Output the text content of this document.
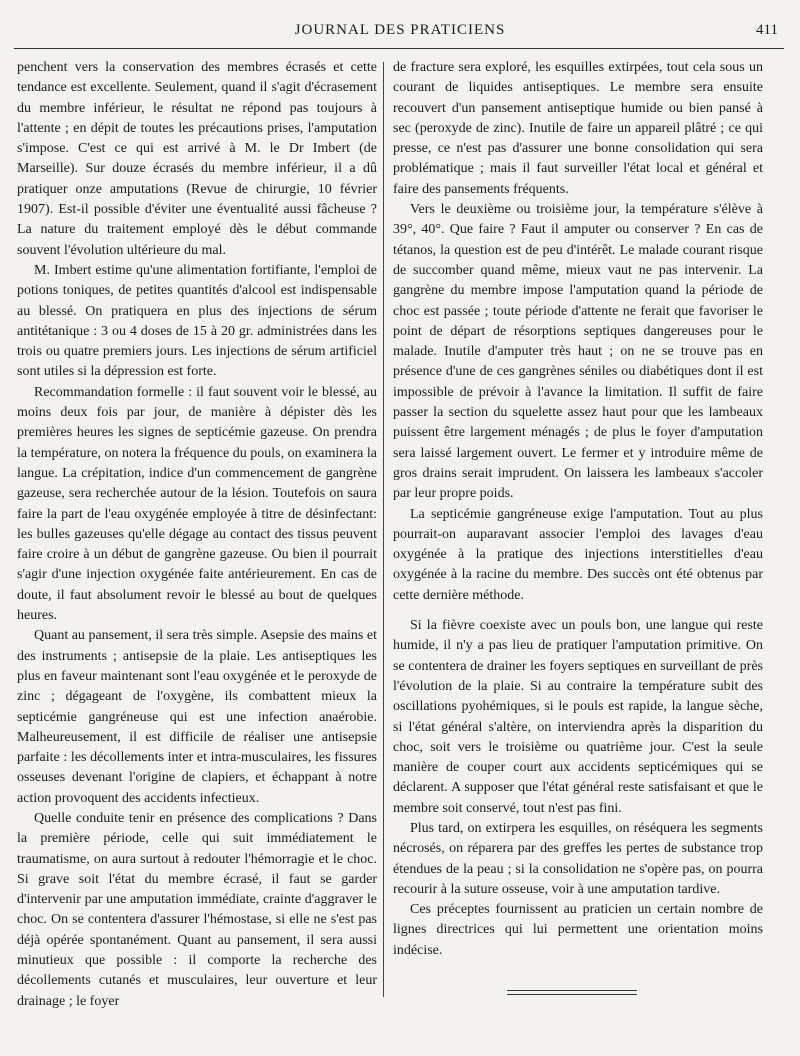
JOURNAL DES PRATICIENS	411

penchent vers la conservation des membres écrasés et cette tendance est excellente. Seulement, quand il s'agit d'écrasement du membre inférieur, le résultat ne répond pas toujours à l'attente ; en dépit de toutes les précautions prises, l'amputation s'impose. C'est ce qui est arrivé à M. le Dr Imbert (de Marseille). Sur douze écrasés du membre inférieur, il a dû pratiquer onze amputations (Revue de chirurgie, 10 février 1907). Est-il possible d'éviter une éventualité aussi fâcheuse ? La nature du traitement employé dès le début commande souvent l'évolution ultérieure du mal.

M. Imbert estime qu'une alimentation fortifiante, l'emploi de potions toniques, de petites quantités d'alcool est indispensable au blessé. On pratiquera en plus des injections de sérum antitétanique : 3 ou 4 doses de 15 à 20 gr. administrées dans les trois ou quatre premiers jours. Les injections de sérum artificiel sont utiles si la dépression est forte.

Recommandation formelle : il faut souvent voir le blessé, au moins deux fois par jour, de manière à dépister dès les premières heures les signes de septicémie gazeuse. On prendra la température, on notera la fréquence du pouls, on examinera la langue. La crépitation, indice d'un commencement de gangrène gazeuse, sera recherchée autour de la lésion. Toutefois on saura faire la part de l'eau oxygénée employée à titre de désinfectant: les bulles gazeuses qu'elle dégage au contact des tissus peuvent faire croire à un début de gangrène gazeuse. Ou bien il pourrait s'agir d'une injection oxygénée faite antérieurement. En cas de doute, il faut absolument revoir le blessé au bout de quelques heures.

Quant au pansement, il sera très simple. Asepsie des mains et des instruments ; antisepsie de la plaie. Les antiseptiques les plus en faveur maintenant sont l'eau oxygénée et le peroxyde de zinc ; dégageant de l'oxygène, ils combattent mieux la septicémie gangréneuse qui est une infection anaérobie. Malheureusement, il est difficile de réaliser une antisepsie parfaite : les décollements inter et intra-musculaires, les fissures osseuses devenant l'origine de clapiers, et échappant à notre action provoquent des accidents infectieux.

Quelle conduite tenir en présence des complications ? Dans la première période, celle qui suit immédiatement le traumatisme, on aura surtout à redouter l'hémorragie et le choc. Si grave soit l'état du membre écrasé, il faut se garder d'intervenir par une amputation immédiate, crainte d'aggraver le choc. On se contentera d'assurer l'hémostase, si elle ne s'est pas déjà opérée spontanément. Quant au pansement, il sera aussi minutieux que possible : il comporte la recherche des décollements cutanés et musculaires, leur ouverture et leur drainage ; le foyer

de fracture sera exploré, les esquilles extirpées, tout cela sous un courant de liquides antiseptiques. Le membre sera ensuite recouvert d'un pansement antiseptique humide ou bien pansé à sec (peroxyde de zinc). Inutile de faire un appareil plâtré ; ce qui presse, ce n'est pas d'assurer une bonne consolidation qui sera problématique ; mais il faut surveiller l'état local et général et faire des pansements fréquents.

Vers le deuxième ou troisième jour, la température s'élève à 39°, 40°. Que faire ? Faut il amputer ou conserver ? En cas de tétanos, la question est de peu d'intérêt. Le malade courant risque de succomber quand même, mieux vaut ne pas intervenir. La gangrène du membre impose l'amputation quand la période de choc est passée ; toute période d'attente ne ferait que favoriser le point de départ de résorptions septiques dangereuses pour le malade. Inutile d'amputer très haut ; on ne se trouve pas en présence d'une de ces gangrènes séniles ou diabétiques dont il est impossible de prévoir à l'avance la limitation. Il suffit de faire passer la section du squelette assez haut pour que les lambeaux puissent être largement ménagés ; de plus le foyer d'amputation sera laissé largement ouvert. Le fermer et y introduire même de gros drains serait imprudent. On laissera les lambeaux s'accoler par leur propre poids.

La septicémie gangréneuse exige l'amputation. Tout au plus pourrait-on auparavant associer l'emploi des lavages d'eau oxygénée à la pratique des injections interstitielles d'eau oxygénée à la racine du membre. Des succès ont été obtenus par cette dernière méthode.

Si la fièvre coexiste avec un pouls bon, une langue qui reste humide, il n'y a pas lieu de pratiquer l'amputation primitive. On se contentera de drainer les foyers septiques en surveillant de près l'évolution de la plaie. Si au contraire la température subit des oscillations pyohémiques, si le pouls est rapide, la langue sèche, si l'état général s'altère, on interviendra après la disparition du choc, soit vers le troisième ou quatrième jour. C'est la seule manière de couper court aux accidents septicémiques qui se déclarent. A supposer que l'état général reste satisfaisant et que le membre soit conservé, tout n'est pas fini.

Plus tard, on extirpera les esquilles, on réséquera les segments nécrosés, on réparera par des greffes les pertes de substance trop étendues de la peau ; si la consolidation ne s'opère pas, on pourra recourir à la suture osseuse, voir à une amputation tardive.

Ces préceptes fournissent au praticien un certain nombre de lignes directrices qui lui permettent une orientation moins indécise.
